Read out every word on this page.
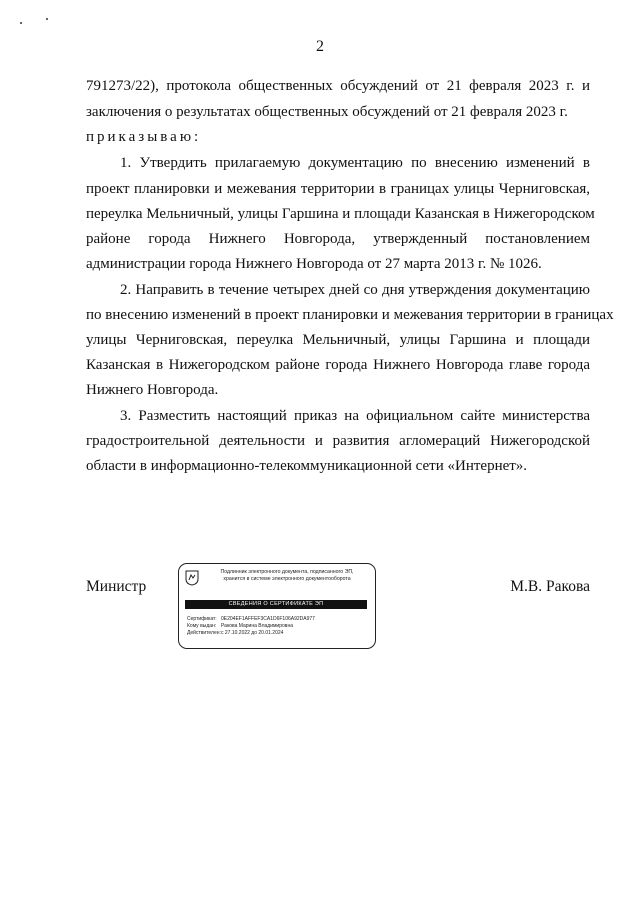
2
791273/22), протокола общественных обсуждений от 21 февраля 2023 г. и
заключения о результатах общественных обсуждений от 21 февраля 2023 г.
приказываю:
1. Утвердить прилагаемую документацию по внесению изменений в
проект планировки и межевания территории в границах улицы Черниговская,
переулка Мельничный, улицы Гаршина и площади Казанская в Нижегородском
районе города Нижнего Новгорода, утвержденный постановлением
администрации города Нижнего Новгорода от 27 марта 2013 г. № 1026.
2. Направить в течение четырех дней со дня утверждения документацию
по внесению изменений в проект планировки и межевания территории в границах
улицы Черниговская, переулка Мельничный, улицы Гаршина и площади
Казанская в Нижегородском районе города Нижнего Новгорода главе города
Нижнего Новгорода.
3. Разместить настоящий приказ на официальном сайте министерства
градостроительной деятельности и развития агломераций Нижегородской
области в информационно-телекоммуникационной сети «Интернет».
Министр	М.В. Ракова
Подлинник электронного документа, подписанного ЭП,
хранится в системе электронного документооборота
СВЕДЕНИЯ О СЕРТИФИКАТЕ ЭП
Сертификат: 0E204EF1AFFEF3CA1D6F106A92DA977
Кому выдан: Ракова Марина Владимировна
Действителен:с 27.10.2022 до 20.01.2024
